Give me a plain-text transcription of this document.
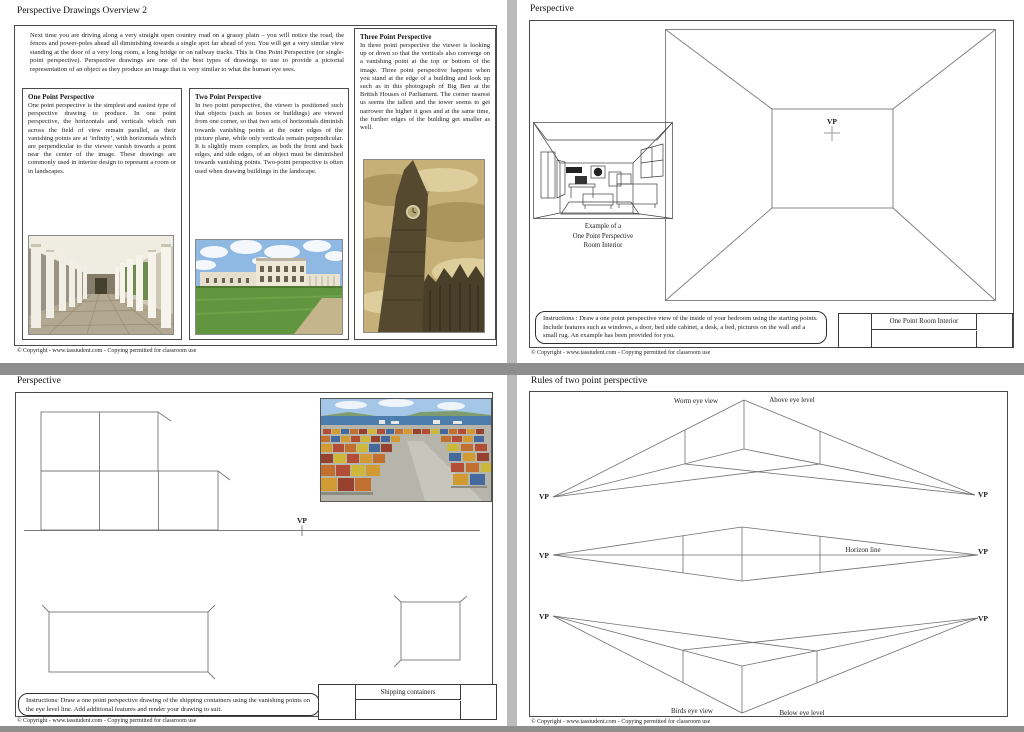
Perspective Drawings Overview 2
Next time you are driving along a very straight open country road on a grassy plain – you will notice the road, the fences and power-poles ahead all diminishing towards a single spot far ahead of you. You will get a very similar view standing at the door of a very long room, a long bridge or on railway tracks. This is One Point Perspective (or single-point perspective). Perspective drawings are one of the best types of drawings to use to provide a pictorial representation of an object as they produce an image that is very similar to what the human eye sees.
One Point Perspective
One point perspective is the simplest and easiest type of perspective drawing to produce. In one point perspective, the horizontals and verticals which run across the field of view remain parallel, as their vanishing points are at ‘infinity’, with horizontals which are perpendicular to the viewer vanish towards a point near the center of the image. These drawings are commonly used in interior design to represent a room or in landscapes.
Two Point Perspective
In two point perspective, the viewer is positioned such that objects (such as boxes or buildings) are viewed from one corner, so that two sets of horizontals diminish towards vanishing points at the outer edges of the picture plane, while only verticals remain perpendicular. It is slightly more complex, as both the front and back edges, and side edges, of an object must be diminished towards vanishing points. Two-point perspective is often used when drawing buildings in the landscape.
Three Point Perspective
In three point perspective the viewer is looking up or down so that the verticals also converge on a vanishing point at the top or bottom of the image. Three point perspective happens when you stand at the edge of a building and look up such as in this photograph of Big Ben at the British Houses of Parliament. The corner nearest us seems the tallest and the tower seems to get narrower the higher it goes and at the same time, the further edges of the building get smaller as well.
© Copyright - www.tasstudent.com - Copying permitted for classroom use
Perspective
VP
Example of a
One Point Perspective
Room Interior
Instructions : Draw a one point perspective view of the inside of your bedroom using the starting points. Include features such as windows, a door, bed side cabinet, a desk, a bed, pictures on the wall and a small rug. An example has been provided for you.
One Point Room Interior
© Copyright - www.tasstudent.com - Copying permitted for classroom use
Perspective
VP
Instructions: Draw a one point perspective drawing of the shipping containers using the vanishing points on the eye level line. Add additional features and render your drawing to suit.
Shipping containers
© Copyright - www.tasstudent.com - Copying permitted for classroom use
Rules of two point perspective
Worm eye view	Above eye level
VP	VP
Horizon line
VP	VP
Birds eye view	Below eye level
VP	VP
© Copyright - www.tasstudent.com - Copying permitted for classroom use
